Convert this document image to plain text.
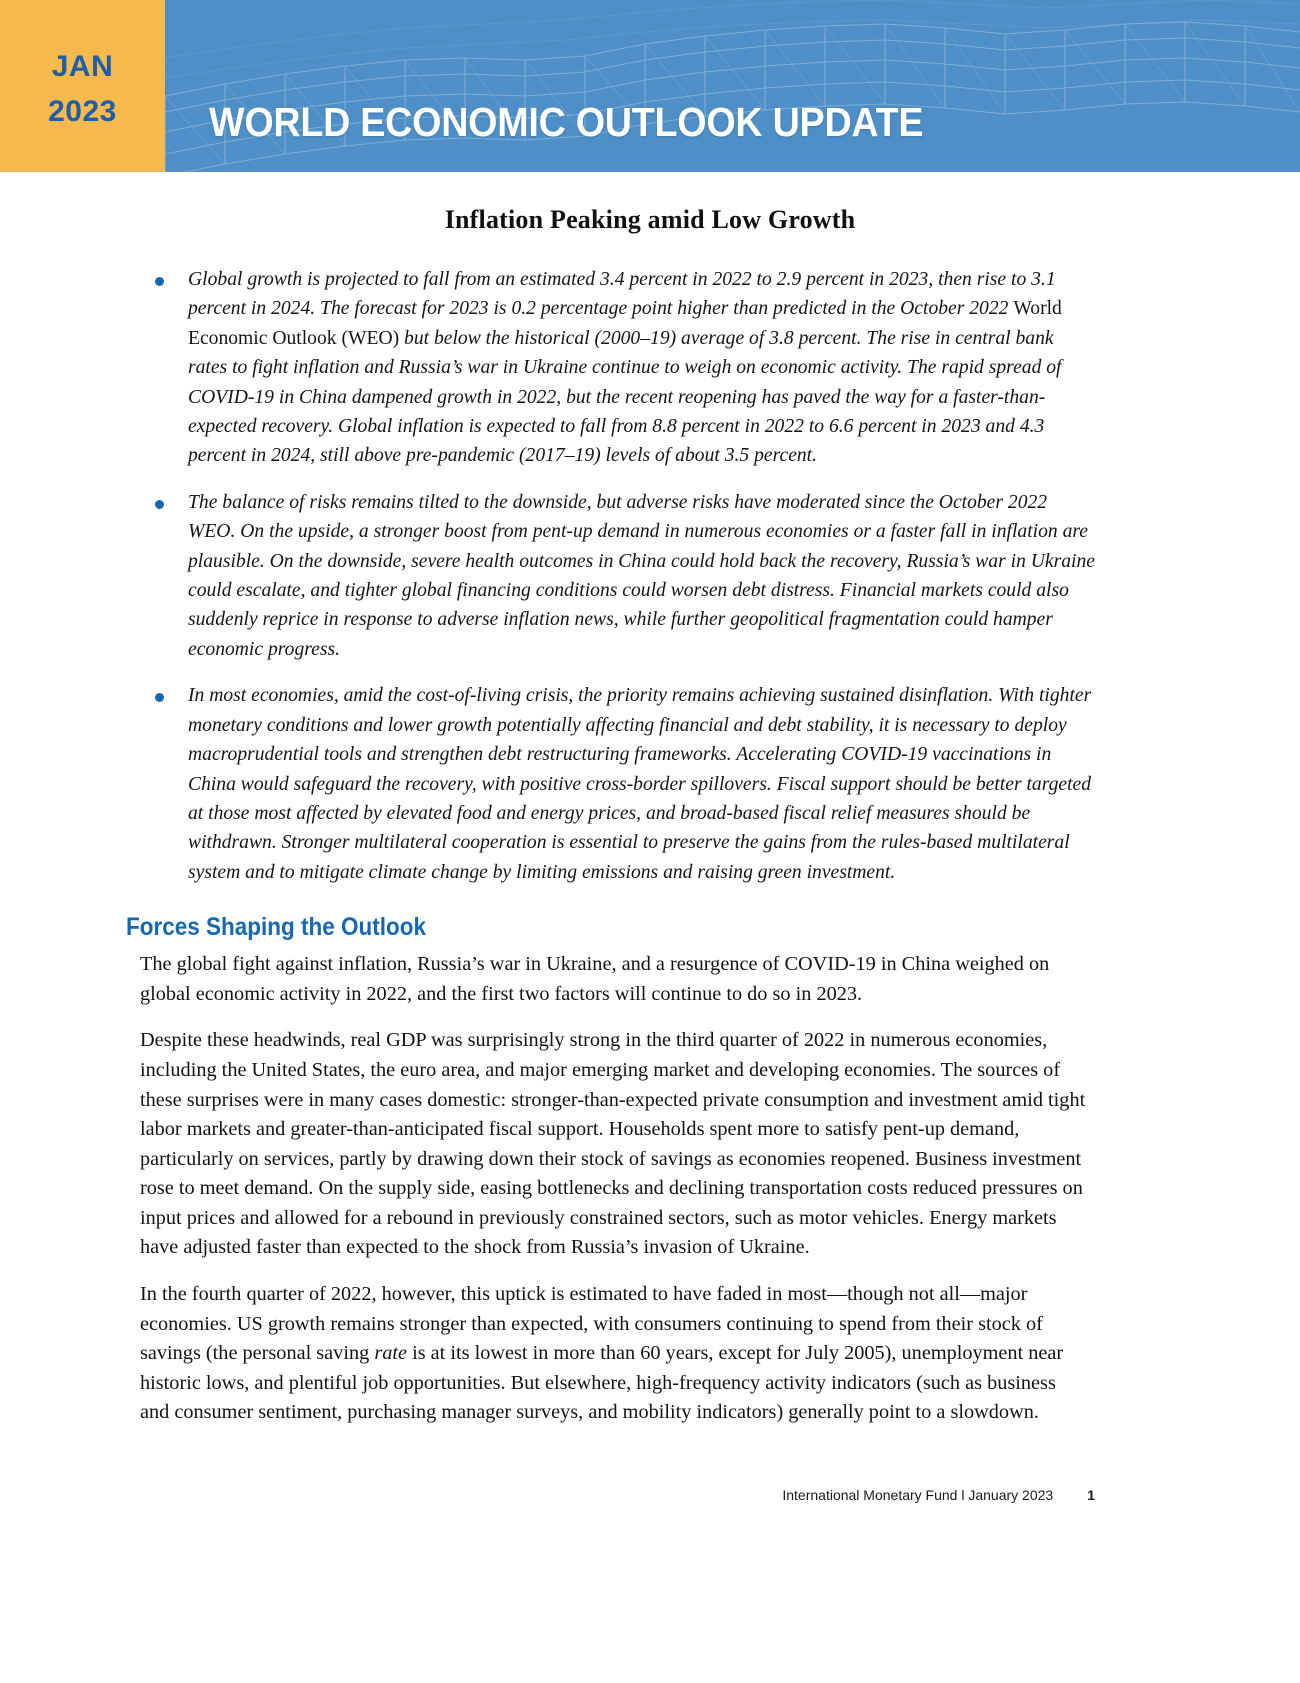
JAN
2023 WORLD ECONOMIC OUTLOOK UPDATE
Inflation Peaking amid Low Growth

Global growth is projected to fall from an estimated 3.4 percent in 2022 to 2.9 percent in 2023, then rise to 3.1 percent in 2024. The forecast for 2023 is 0.2 percentage point higher than predicted in the October 2022 World Economic Outlook (WEO) but below the historical (2000–19) average of 3.8 percent. The rise in central bank rates to fight inflation and Russia’s war in Ukraine continue to weigh on economic activity. The rapid spread of COVID-19 in China dampened growth in 2022, but the recent reopening has paved the way for a faster-than-expected recovery. Global inflation is expected to fall from 8.8 percent in 2022 to 6.6 percent in 2023 and 4.3 percent in 2024, still above pre-pandemic (2017–19) levels of about 3.5 percent.

The balance of risks remains tilted to the downside, but adverse risks have moderated since the October 2022 WEO. On the upside, a stronger boost from pent-up demand in numerous economies or a faster fall in inflation are plausible. On the downside, severe health outcomes in China could hold back the recovery, Russia’s war in Ukraine could escalate, and tighter global financing conditions could worsen debt distress. Financial markets could also suddenly reprice in response to adverse inflation news, while further geopolitical fragmentation could hamper economic progress.

In most economies, amid the cost-of-living crisis, the priority remains achieving sustained disinflation. With tighter monetary conditions and lower growth potentially affecting financial and debt stability, it is necessary to deploy macroprudential tools and strengthen debt restructuring frameworks. Accelerating COVID-19 vaccinations in China would safeguard the recovery, with positive cross-border spillovers. Fiscal support should be better targeted at those most affected by elevated food and energy prices, and broad-based fiscal relief measures should be withdrawn. Stronger multilateral cooperation is essential to preserve the gains from the rules-based multilateral system and to mitigate climate change by limiting emissions and raising green investment.

Forces Shaping the Outlook

The global fight against inflation, Russia’s war in Ukraine, and a resurgence of COVID-19 in China weighed on global economic activity in 2022, and the first two factors will continue to do so in 2023.

Despite these headwinds, real GDP was surprisingly strong in the third quarter of 2022 in numerous economies, including the United States, the euro area, and major emerging market and developing economies. The sources of these surprises were in many cases domestic: stronger-than-expected private consumption and investment amid tight labor markets and greater-than-anticipated fiscal support. Households spent more to satisfy pent-up demand, particularly on services, partly by drawing down their stock of savings as economies reopened. Business investment rose to meet demand. On the supply side, easing bottlenecks and declining transportation costs reduced pressures on input prices and allowed for a rebound in previously constrained sectors, such as motor vehicles. Energy markets have adjusted faster than expected to the shock from Russia’s invasion of Ukraine.

In the fourth quarter of 2022, however, this uptick is estimated to have faded in most—though not all—major economies. US growth remains stronger than expected, with consumers continuing to spend from their stock of savings (the personal saving rate is at its lowest in more than 60 years, except for July 2005), unemployment near historic lows, and plentiful job opportunities. But elsewhere, high-frequency activity indicators (such as business and consumer sentiment, purchasing manager surveys, and mobility indicators) generally point to a slowdown.

International Monetary Fund l January 2023 1
